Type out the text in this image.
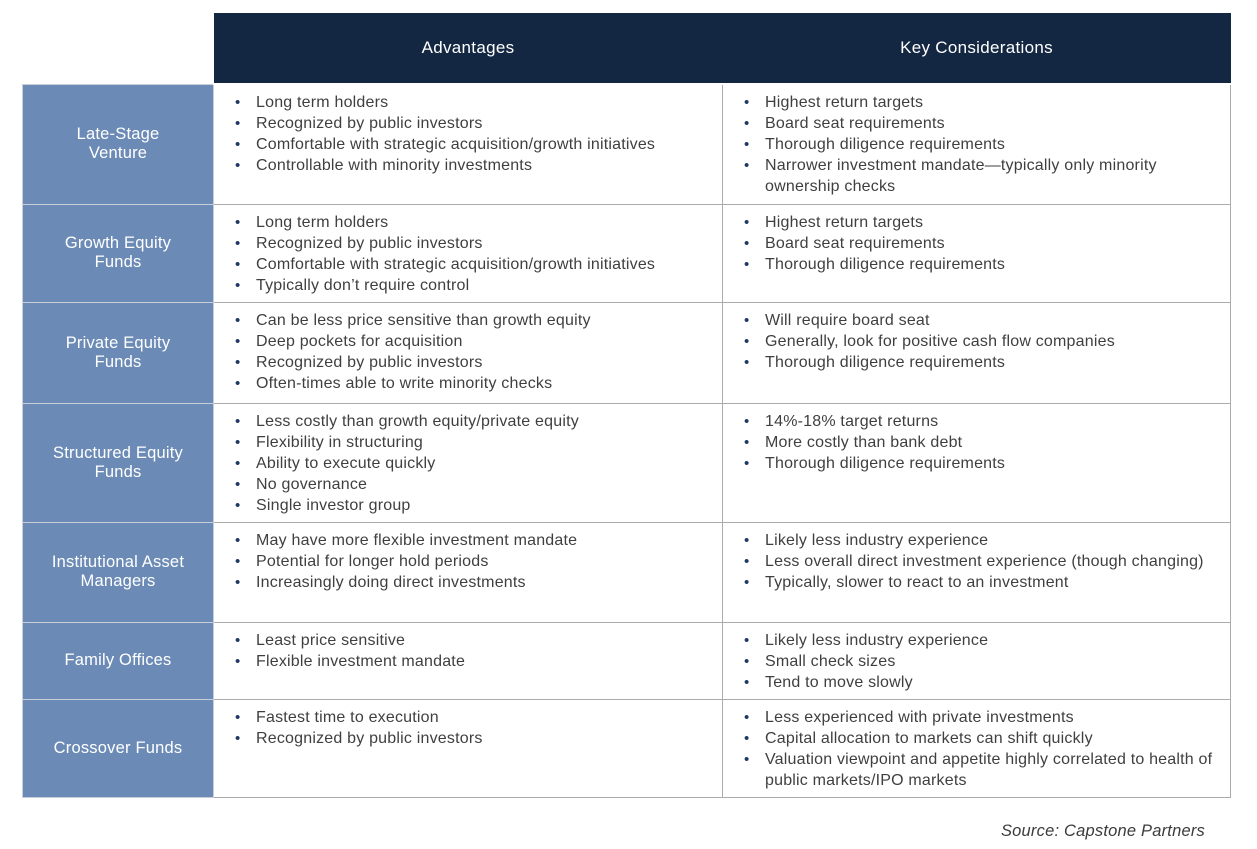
	Advantages	Key Considerations
Late-Stage Venture	
• Long term holders
• Recognized by public investors
• Comfortable with strategic acquisition/growth initiatives
• Controllable with minority investments

• Highest return targets
• Board seat requirements
• Thorough diligence requirements
• Narrower investment mandate—typically only minority ownership checks

Growth Equity Funds	
• Long term holders
• Recognized by public investors
• Comfortable with strategic acquisition/growth initiatives
• Typically don’t require control

• Highest return targets
• Board seat requirements
• Thorough diligence requirements

Private Equity Funds	
• Can be less price sensitive than growth equity
• Deep pockets for acquisition
• Recognized by public investors
• Often-times able to write minority checks

• Will require board seat
• Generally, look for positive cash flow companies
• Thorough diligence requirements

Structured Equity Funds	
• Less costly than growth equity/private equity
• Flexibility in structuring
• Ability to execute quickly
• No governance
• Single investor group

• 14%-18% target returns
• More costly than bank debt
• Thorough diligence requirements

Institutional Asset Managers	
• May have more flexible investment mandate
• Potential for longer hold periods
• Increasingly doing direct investments

• Likely less industry experience
• Less overall direct investment experience (though changing)
• Typically, slower to react to an investment

Family Offices	
• Least price sensitive
• Flexible investment mandate

• Likely less industry experience
• Small check sizes
• Tend to move slowly

Crossover Funds	
• Fastest time to execution
• Recognized by public investors

• Less experienced with private investments
• Capital allocation to markets can shift quickly
• Valuation viewpoint and appetite highly correlated to health of public markets/IPO markets
Source: Capstone Partners
